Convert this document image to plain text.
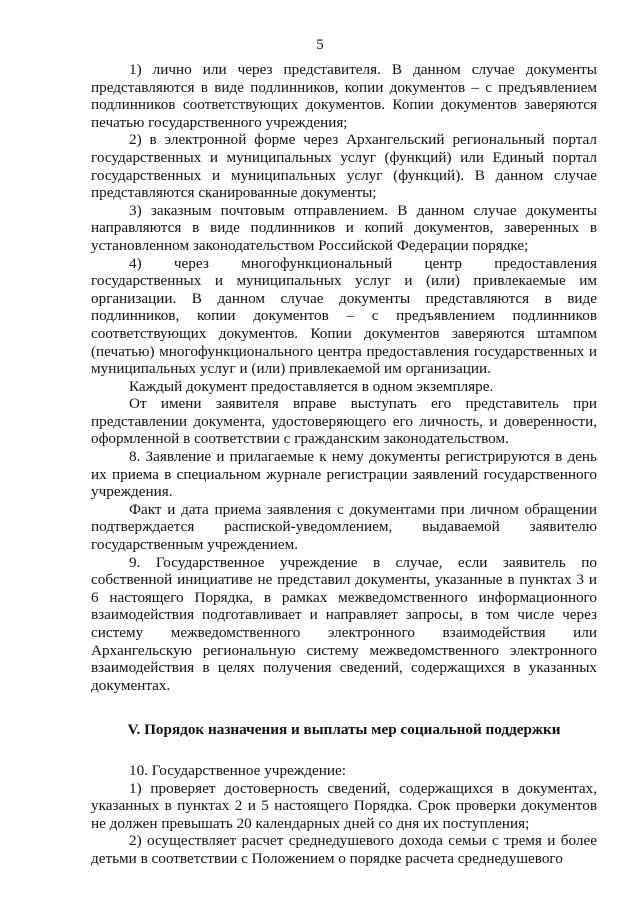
5

1) лично или через представителя. В данном случае документы представляются в виде подлинников, копии документов – с предъявлением подлинников соответствующих документов. Копии документов заверяются печатью государственного учреждения;

2) в электронной форме через Архангельский региональный портал государственных и муниципальных услуг (функций) или Единый портал государственных и муниципальных услуг (функций). В данном случае представляются сканированные документы;

3) заказным почтовым отправлением. В данном случае документы направляются в виде подлинников и копий документов, заверенных в установленном законодательством Российской Федерации порядке;

4) через многофункциональный центр предоставления государственных и муниципальных услуг и (или) привлекаемые им организации. В данном случае документы представляются в виде подлинников, копии документов – с предъявлением подлинников соответствующих документов. Копии документов заверяются штампом (печатью) многофункционального центра предоставления государственных и муниципальных услуг и (или) привлекаемой им организации.

Каждый документ предоставляется в одном экземпляре.

От имени заявителя вправе выступать его представитель при представлении документа, удостоверяющего его личность, и доверенности, оформленной в соответствии с гражданским законодательством.

8. Заявление и прилагаемые к нему документы регистрируются в день их приема в специальном журнале регистрации заявлений государственного учреждения.

Факт и дата приема заявления с документами при личном обращении подтверждается распиской-уведомлением, выдаваемой заявителю государственным учреждением.

9. Государственное учреждение в случае, если заявитель по собственной инициативе не представил документы, указанные в пунктах 3 и 6 настоящего Порядка, в рамках межведомственного информационного взаимодействия подготавливает и направляет запросы, в том числе через систему межведомственного электронного взаимодействия или Архангельскую региональную систему межведомственного электронного взаимодействия в целях получения сведений, содержащихся в указанных документах.

V. Порядок назначения и выплаты мер социальной поддержки

10. Государственное учреждение:

1) проверяет достоверность сведений, содержащихся в документах, указанных в пунктах 2 и 5 настоящего Порядка. Срок проверки документов не должен превышать 20 календарных дней со дня их поступления;

2) осуществляет расчет среднедушевого дохода семьи с тремя и более детьми в соответствии с Положением о порядке расчета среднедушевого
